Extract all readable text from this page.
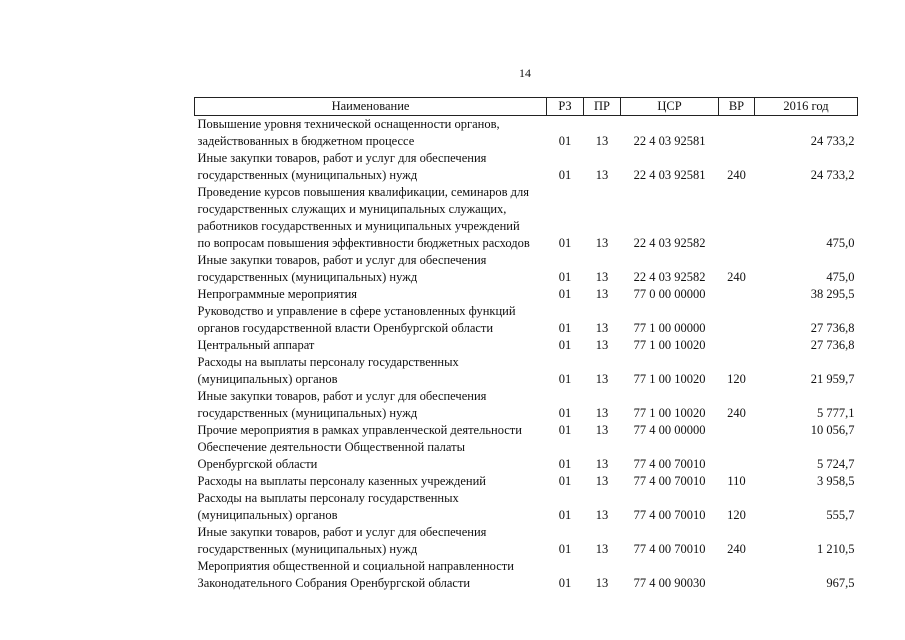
14
Наименование	РЗ	ПР	ЦСР	ВР	2016 год
Повышение уровня технической оснащенности органов,
задействованных в бюджетном процессе	01	13	22 4 03 92581		24 733,2
Иные закупки товаров, работ и услуг для обеспечения
государственных (муниципальных) нужд	01	13	22 4 03 92581	240	24 733,2
Проведение курсов повышения квалификации, семинаров для
государственных служащих и муниципальных служащих,
работников государственных и муниципальных учреждений
по вопросам повышения эффективности бюджетных расходов	01	13	22 4 03 92582		475,0
Иные закупки товаров, работ и услуг для обеспечения
государственных (муниципальных) нужд	01	13	22 4 03 92582	240	475,0
Непрограммные мероприятия	01	13	77 0 00 00000		38 295,5
Руководство и управление в сфере установленных функций
органов государственной власти Оренбургской области	01	13	77 1 00 00000		27 736,8
Центральный аппарат	01	13	77 1 00 10020		27 736,8
Расходы на выплаты персоналу государственных
(муниципальных) органов	01	13	77 1 00 10020	120	21 959,7
Иные закупки товаров, работ и услуг для обеспечения
государственных (муниципальных) нужд	01	13	77 1 00 10020	240	5 777,1
Прочие мероприятия в рамках управленческой деятельности	01	13	77 4 00 00000		10 056,7
Обеспечение деятельности Общественной палаты
Оренбургской области	01	13	77 4 00 70010		5 724,7
Расходы на выплаты персоналу казенных учреждений	01	13	77 4 00 70010	110	3 958,5
Расходы на выплаты персоналу государственных
(муниципальных) органов	01	13	77 4 00 70010	120	555,7
Иные закупки товаров, работ и услуг для обеспечения
государственных (муниципальных) нужд	01	13	77 4 00 70010	240	1 210,5
Мероприятия общественной и социальной направленности
Законодательного Собрания Оренбургской области	01	13	77 4 00 90030		967,5
